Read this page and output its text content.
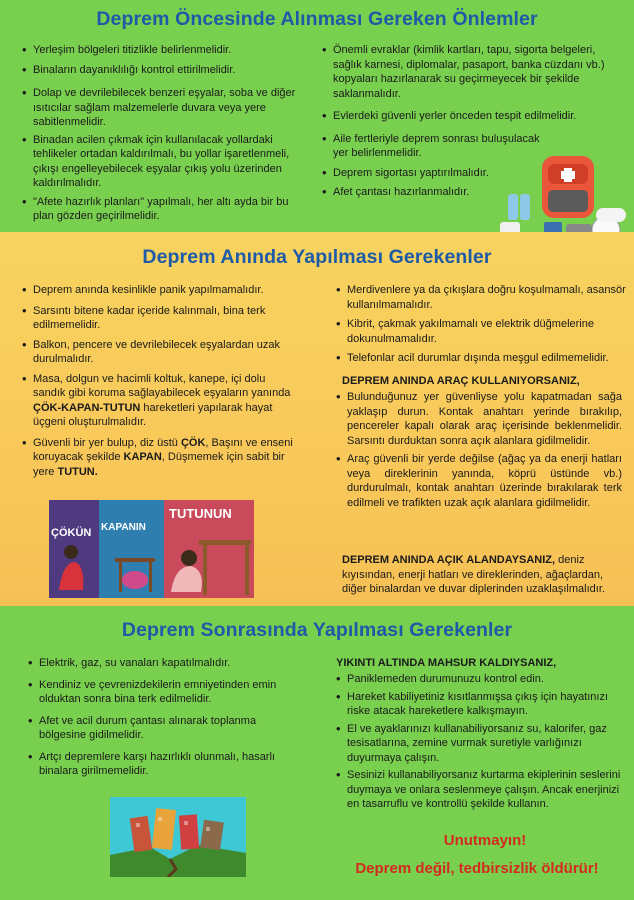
Deprem Öncesinde Alınması Gereken Önlemler
• Yerleşim bölgeleri titizlikle belirlenmelidir.
• Binaların dayanıklılığı kontrol ettirilmelidir.
• Dolap ve devrilebilecek benzeri eşyalar, soba ve diğer ısıtıcılar sağlam malzemelerle duvara veya yere sabitlenmelidir.
• Binadan acilen çıkmak için kullanılacak yollardaki tehlikeler ortadan kaldırılmalı, bu yollar işaretlenmeli, çıkışı engelleyebilecek eşyalar çıkış yolu üzerinden kaldırılmalıdır.
• "Afete hazırlık planları" yapılmalı, her altı ayda bir bu plan gözden geçirilmelidir.
• Önemli evraklar (kimlik kartları, tapu, sigorta belgeleri, sağlık karnesi, diplomalar, pasaport, banka cüzdanı vb.) kopyaları hazırlanarak su geçirmeyecek bir şekilde saklanmalıdır.
• Evlerdeki güvenli yerler önceden tespit edilmelidir.
• Aile fertleriyle deprem sonrası buluşulacak yer belirlenmelidir.
• Deprem sigortası yaptırılmalıdır.
• Afet çantası hazırlanmalıdır.
Deprem Anında Yapılması Gerekenler
• Deprem anında kesinlikle panik yapılmamalıdır.
• Sarsıntı bitene kadar içeride kalınmalı, bina terk edilmemelidir.
• Balkon, pencere ve devrilebilecek eşyalardan uzak durulmalıdır.
• Masa, dolgun ve hacimli koltuk, kanepe, içi dolu sandık gibi koruma sağlayabilecek eşyaların yanında ÇÖK-KAPAN-TUTUN hareketleri yapılarak hayat üçgeni oluşturulmalıdır.
• Güvenli bir yer bulup, diz üstü ÇÖK, Başını ve enseni koruyacak şekilde KAPAN, Düşmemek için sabit bir yere TUTUN.
ÇÖKÜN KAPANIN
TUTUNUN
• Merdivenlere ya da çıkışlara doğru koşulmamalı, asansör kullanılmamalıdır.
• Kibrit, çakmak yakılmamalı ve elektrik düğmelerine dokunulmamalıdır.
• Telefonlar acil durumlar dışında meşgul edilmemelidir.
DEPREM ANINDA ARAÇ KULLANIYORSANIZ,
• Bulunduğunuz yer güvenliyse yolu kapatmadan sağa yaklaşıp durun. Kontak anahtarı yerinde bırakılıp, pencereler kapalı olarak araç içerisinde beklenmelidir. Sarsıntı durduktan sonra açık alanlara gidilmelidir.
• Araç güvenli bir yerde değilse (ağaç ya da enerji hatları veya direklerinin yanında, köprü üstünde vb.) durdurulmalı, kontak anahtarı üzerinde bırakılarak terk edilmeli ve trafikten uzak açık alanlara gidilmelidir.
DEPREM ANINDA AÇIK ALANDAYSANIZ, deniz kıyısından, enerji hatları ve direklerinden, ağaçlardan, diğer binalardan ve duvar diplerinden uzaklaşılmalıdır.
Deprem Sonrasında Yapılması Gerekenler
• Elektrik, gaz, su vanaları kapatılmalıdır.
• Kendiniz ve çevrenizdekilerin emniyetinden emin olduktan sonra bina terk edilmelidir.
• Afet ve acil durum çantası alınarak toplanma bölgesine gidilmelidir.
• Artçı depremlere karşı hazırlıklı olunmalı, hasarlı binalara girilmemelidir.
YIKINTI ALTINDA MAHSUR KALDIYSANIZ,
• Paniklemeden durumunuzu kontrol edin.
• Hareket kabiliyetiniz kısıtlanmışsa çıkış için hayatınızı riske atacak hareketlere kalkışmayın.
• El ve ayaklarınızı kullanabiliyorsanız su, kalorifer, gaz tesisatlarına, zemine vurmak suretiyle varlığınızı duyurmaya çalışın.
• Sesinizi kullanabiliyorsanız kurtarma ekiplerinin seslerini duymaya ve onlara seslenmeye çalışın. Ancak enerjinizi en tasarruflu ve kontrollü şekilde kullanın.
Unutmayın!
Deprem değil, tedbirsizlik öldürür!
